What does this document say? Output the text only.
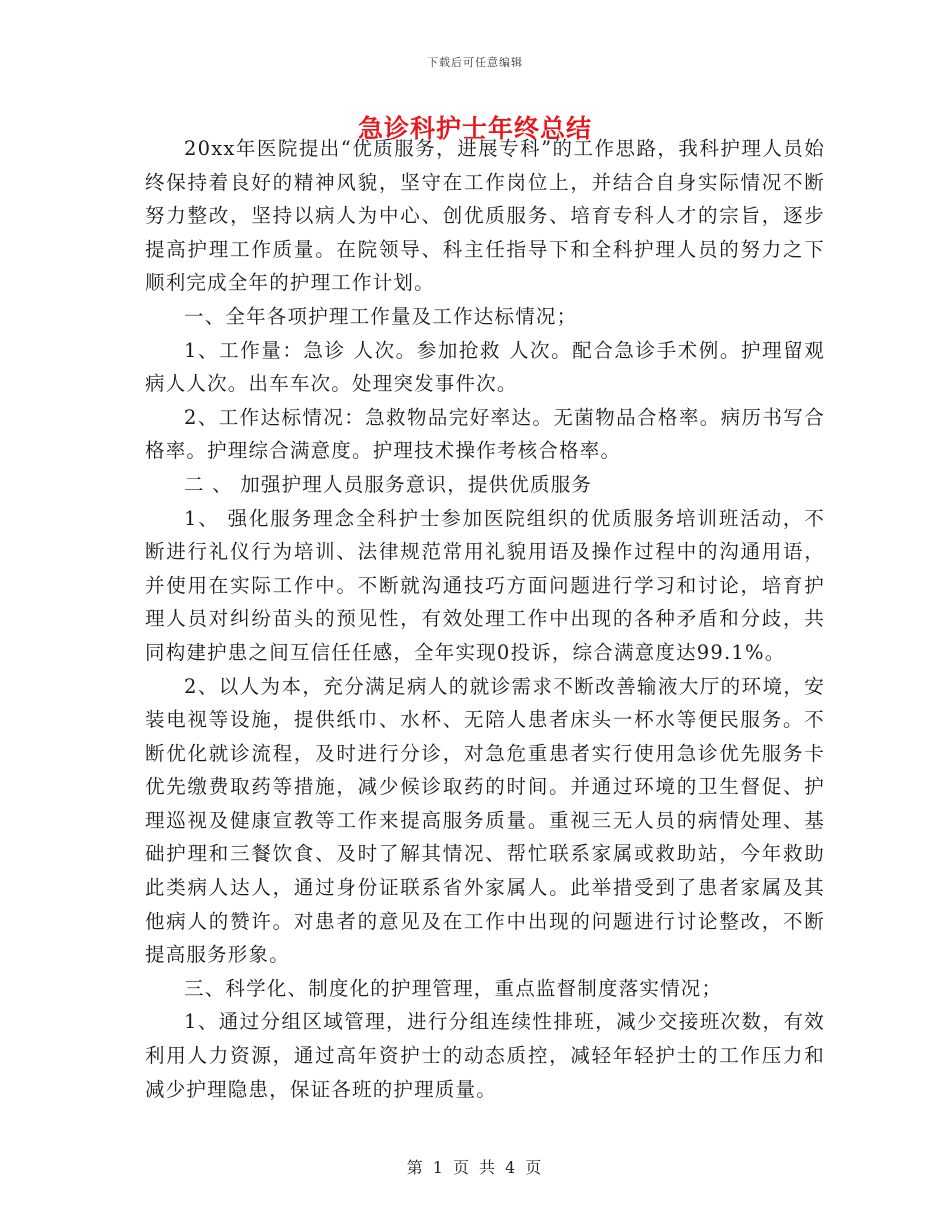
下载后可任意编辑
急诊科护士年终总结

20xx年医院提出“优质服务，进展专科”的工作思路，我科护理人员始终保持着良好的精神风貌，坚守在工作岗位上，并结合自身实际情况不断努力整改，坚持以病人为中心、创优质服务、培育专科人才的宗旨，逐步提高护理工作质量。在院领导、科主任指导下和全科护理人员的努力之下顺利完成全年的护理工作计划。

一、全年各项护理工作量及工作达标情况；

1、工作量：急诊 人次。参加抢救 人次。配合急诊手术例。护理留观病人人次。出车车次。处理突发事件次。

2、工作达标情况：急救物品完好率达。无菌物品合格率。病历书写合格率。护理综合满意度。护理技术操作考核合格率。

二 、 加强护理人员服务意识，提供优质服务

1、 强化服务理念全科护士参加医院组织的优质服务培训班活动，不断进行礼仪行为培训、法律规范常用礼貌用语及操作过程中的沟通用语，并使用在实际工作中。不断就沟通技巧方面问题进行学习和讨论，培育护理人员对纠纷苗头的预见性，有效处理工作中出现的各种矛盾和分歧，共同构建护患之间互信任任感，全年实现0投诉，综合满意度达99.1%。

2、以人为本，充分满足病人的就诊需求不断改善输液大厅的环境，安装电视等设施，提供纸巾、水杯、无陪人患者床头一杯水等便民服务。不断优化就诊流程，及时进行分诊，对急危重患者实行使用急诊优先服务卡优先缴费取药等措施，减少候诊取药的时间。并通过环境的卫生督促、护理巡视及健康宣教等工作来提高服务质量。重视三无人员的病情处理、基础护理和三餐饮食、及时了解其情况、帮忙联系家属或救助站，今年救助此类病人达人，通过身份证联系省外家属人。此举措受到了患者家属及其他病人的赞许。对患者的意见及在工作中出现的问题进行讨论整改，不断提高服务形象。

三、科学化、制度化的护理管理，重点监督制度落实情况；

1、通过分组区域管理，进行分组连续性排班，减少交接班次数，有效利用人力资源，通过高年资护士的动态质控，减轻年轻护士的工作压力和减少护理隐患，保证各班的护理质量。

第 1 页 共 4 页
